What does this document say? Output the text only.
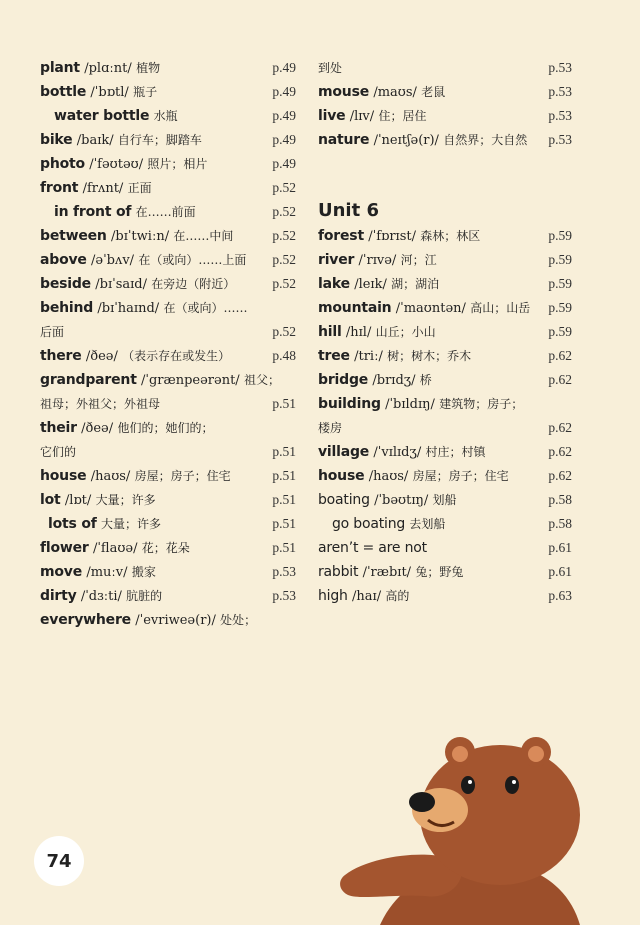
plant /plɑːnt/ 植物	p.49
bottle /ˈbɒtl/ 瓶子	p.49
water bottle 水瓶	p.49
bike /baɪk/ 自行车；脚踏车	p.49
photo /ˈfəʊtəʊ/ 照片；相片	p.49
front /frʌnt/ 正面	p.52
in front of 在……前面	p.52
between /bɪˈtwiːn/ 在……中间	p.52
above /əˈbʌv/ 在（或向）……上面 p.52
beside /bɪˈsaɪd/ 在旁边（附近）	p.52
behind /bɪˈhaɪnd/ 在（或向）……
后面	p.52
there /ðeə/ （表示存在或发生）	p.48
grandparent /ˈgrænpeərənt/ 祖父；
祖母；外祖父；外祖母	p.51
their /ðeə/ 他们的；她们的；
它们的	p.51
house /haʊs/ 房屋；房子；住宅	p.51
lot /lɒt/ 大量；许多	p.51
lots of 大量；许多	p.51
flower /ˈflaʊə/ 花；花朵	p.51
move /muːv/ 搬家	p.53
dirty /ˈdɜːti/ 肮脏的	p.53
everywhere /ˈevriweə(r)/ 处处；
到处	p.53
mouse /maʊs/ 老鼠	p.53
live /lɪv/ 住；居住	p.53
nature /ˈneɪtʃə(r)/ 自然界；大自然 p.53
Unit 6
forest /ˈfɒrɪst/ 森林；林区	p.59
river /ˈrɪvə/ 河；江	p.59
lake /leɪk/ 湖；湖泊	p.59
mountain /ˈmaʊntən/ 高山；山岳 p.59
hill /hɪl/ 山丘；小山	p.59
tree /triː/ 树；树木；乔木	p.62
bridge /brɪdʒ/ 桥	p.62
building /ˈbɪldɪŋ/ 建筑物；房子；
楼房	p.62
village /ˈvɪlɪdʒ/ 村庄；村镇	p.62
house /haʊs/ 房屋；房子；住宅	p.62
boating /ˈbəʊtɪŋ/ 划船	p.58
go boating 去划船	p.58
aren’t = are not	p.61
rabbit /ˈræbɪt/ 兔；野兔	p.61
high /haɪ/ 高的	p.63
74
